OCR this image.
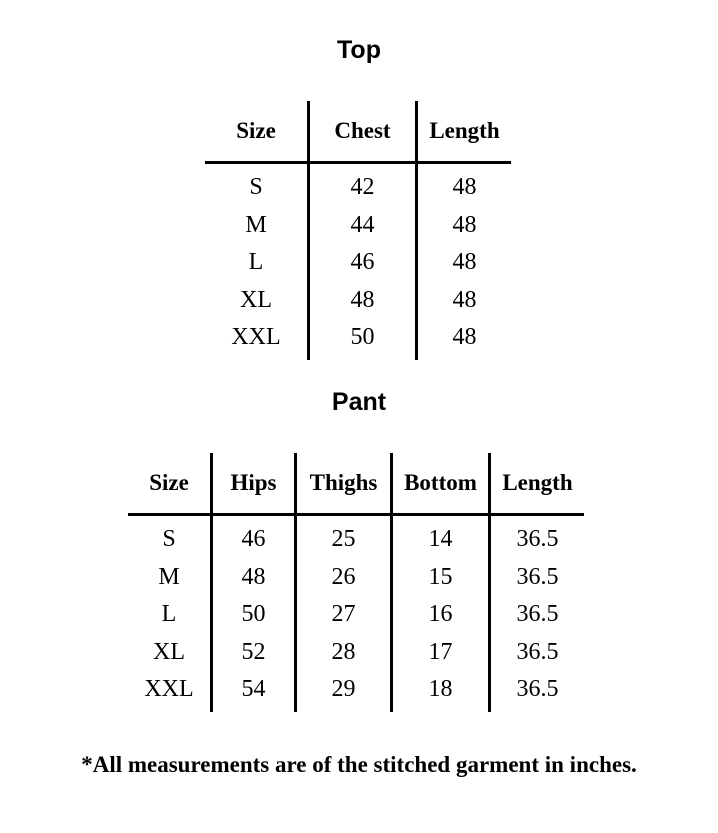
Top
Size	Chest	Length
S	42	48
M	44	48
L	46	48
XL	48	48
XXL	50	48
Pant
Size	Hips	Thighs	Bottom	Length
S	46	25	14	36.5
M	48	26	15	36.5
L	50	27	16	36.5
XL	52	28	17	36.5
XXL	54	29	18	36.5

*All measurements are of the stitched garment in inches.
